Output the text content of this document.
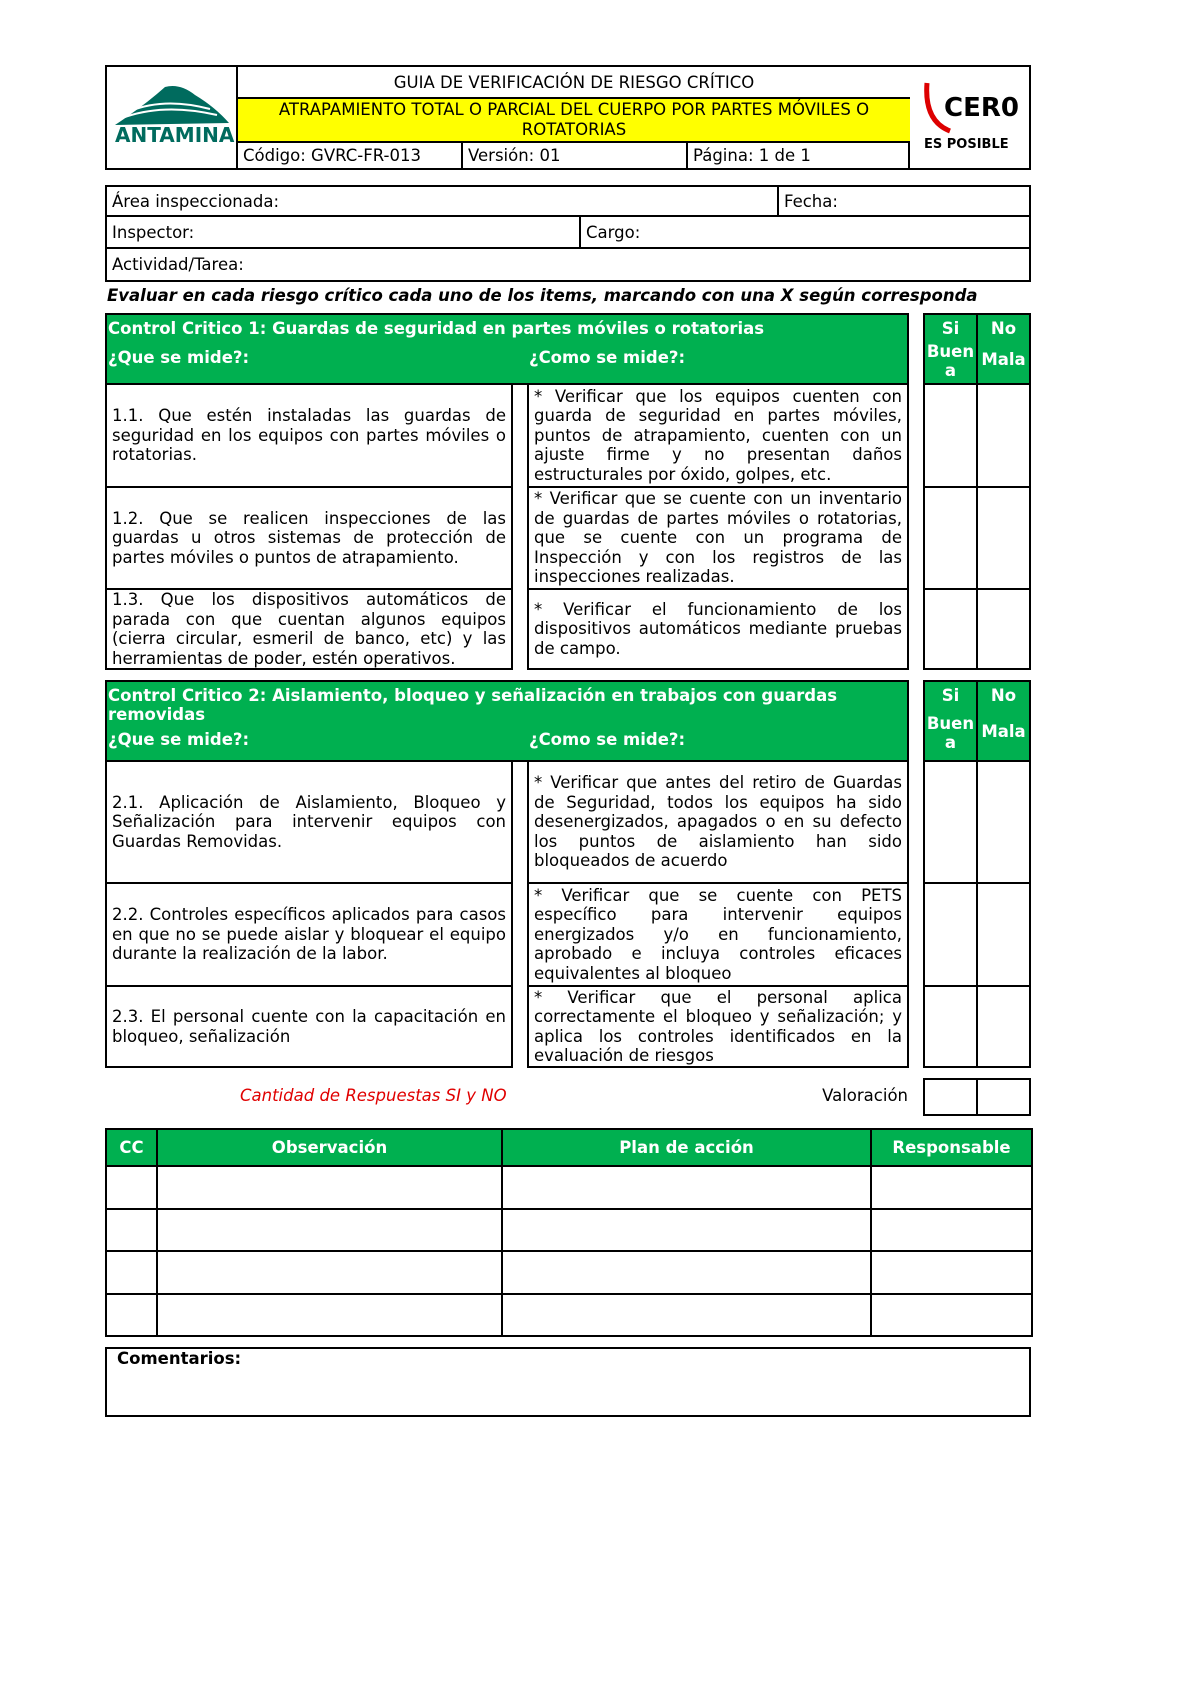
ANTAMINA
GUIA DE VERIFICACIÓN DE RIESGO CRÍTICO
ATRAPAMIENTO TOTAL O PARCIAL DEL CUERPO POR PARTES MÓVILES O ROTATORIAS
Código: GVRC-FR-013	Versión: 01	Página: 1 de 1
CER0
ES POSIBLE
Área inspeccionada:	Fecha:
Inspector:	Cargo:
Actividad/Tarea:
Evaluar en cada riesgo crítico cada uno de los items, marcando con una X según corresponda
Control Critico 1: Guardas de seguridad en partes móviles o rotatorias
¿Que se mide?:	¿Como se mide?:
Si
Buena
No
Mala
1.1. Que estén instaladas las guardas de seguridad en los equipos con partes móviles o rotatorias.
* Verificar que los equipos cuenten con guarda de seguridad en partes móviles, puntos de atrapamiento, cuenten con un ajuste firme y no presentan daños estructurales por óxido, golpes, etc.
1.2. Que se realicen inspecciones de las guardas u otros sistemas de protección de partes móviles o puntos de atrapamiento.
* Verificar que se cuente con un inventario de guardas de partes móviles o rotatorias, que se cuente con un programa de Inspección y con los registros de las inspecciones realizadas.
1.3. Que los dispositivos automáticos de parada con que cuentan algunos equipos (cierra circular, esmeril de banco, etc) y las herramientas de poder, estén operativos.
* Verificar el funcionamiento de los dispositivos automáticos mediante pruebas de campo.
Control Critico 2: Aislamiento, bloqueo y señalización en trabajos con guardas removidas
¿Que se mide?:	¿Como se mide?:
Si
Buena
No
Mala
2.1. Aplicación de Aislamiento, Bloqueo y Señalización para intervenir equipos con Guardas Removidas.
* Verificar que antes del retiro de Guardas de Seguridad, todos los equipos ha sido desenergizados, apagados o en su defecto los puntos de aislamiento han sido bloqueados de acuerdo
2.2. Controles específicos aplicados para casos en que no se puede aislar y bloquear el equipo durante la realización de la labor.
* Verificar que se cuente con PETS específico para intervenir equipos energizados y/o en funcionamiento, aprobado e incluya controles eficaces equivalentes al bloqueo
2.3. El personal cuente con la capacitación en bloqueo, señalización
* Verificar que el personal aplica correctamente el bloqueo y señalización; y aplica los controles identificados en la evaluación de riesgos
Cantidad de Respuestas SI y NO	Valoración
CC	Observación	Plan de acción	Responsable
Comentarios:
